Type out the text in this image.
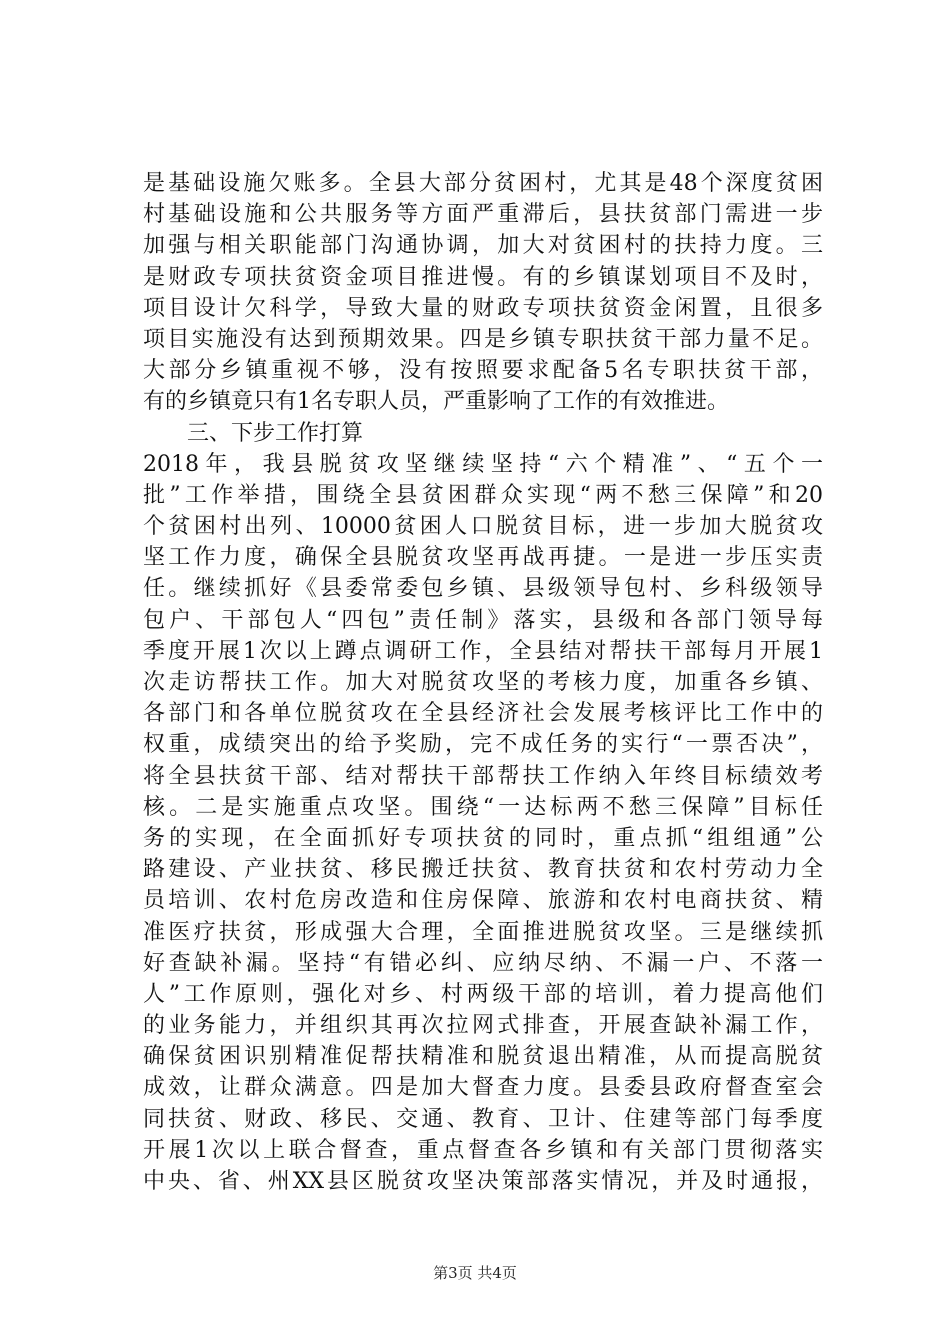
是基础设施欠账多。全县大部分贫困村，尤其是48个深度贫困
村基础设施和公共服务等方面严重滞后，县扶贫部门需进一步
加强与相关职能部门沟通协调，加大对贫困村的扶持力度。三
是财政专项扶贫资金项目推进慢。有的乡镇谋划项目不及时，
项目设计欠科学，导致大量的财政专项扶贫资金闲置，且很多
项目实施没有达到预期效果。四是乡镇专职扶贫干部力量不足。
大部分乡镇重视不够，没有按照要求配备5名专职扶贫干部，
有的乡镇竟只有1名专职人员，严重影响了工作的有效推进。
三、下步工作打算
2018年，我县脱贫攻坚继续坚持“六个精准”、“五个一
批”工作举措，围绕全县贫困群众实现“两不愁三保障”和20
个贫困村出列、10000贫困人口脱贫目标，进一步加大脱贫攻
坚工作力度，确保全县脱贫攻坚再战再捷。一是进一步压实责
任。继续抓好《县委常委包乡镇、县级领导包村、乡科级领导
包户、干部包人“四包”责任制》落实，县级和各部门领导每
季度开展1次以上蹲点调研工作，全县结对帮扶干部每月开展1
次走访帮扶工作。加大对脱贫攻坚的考核力度，加重各乡镇、
各部门和各单位脱贫攻在全县经济社会发展考核评比工作中的
权重，成绩突出的给予奖励，完不成任务的实行“一票否决”，
将全县扶贫干部、结对帮扶干部帮扶工作纳入年终目标绩效考
核。二是实施重点攻坚。围绕“一达标两不愁三保障”目标任
务的实现，在全面抓好专项扶贫的同时，重点抓“组组通”公
路建设、产业扶贫、移民搬迁扶贫、教育扶贫和农村劳动力全
员培训、农村危房改造和住房保障、旅游和农村电商扶贫、精
准医疗扶贫，形成强大合理，全面推进脱贫攻坚。三是继续抓
好查缺补漏。坚持“有错必纠、应纳尽纳、不漏一户、不落一
人”工作原则，强化对乡、村两级干部的培训，着力提高他们
的业务能力，并组织其再次拉网式排查，开展查缺补漏工作，
确保贫困识别精准促帮扶精准和脱贫退出精准，从而提高脱贫
成效，让群众满意。四是加大督查力度。县委县政府督查室会
同扶贫、财政、移民、交通、教育、卫计、住建等部门每季度
开展1次以上联合督查，重点督查各乡镇和有关部门贯彻落实
中央、省、州XX县区脱贫攻坚决策部落实情况，并及时通报，
第3页 共4页
